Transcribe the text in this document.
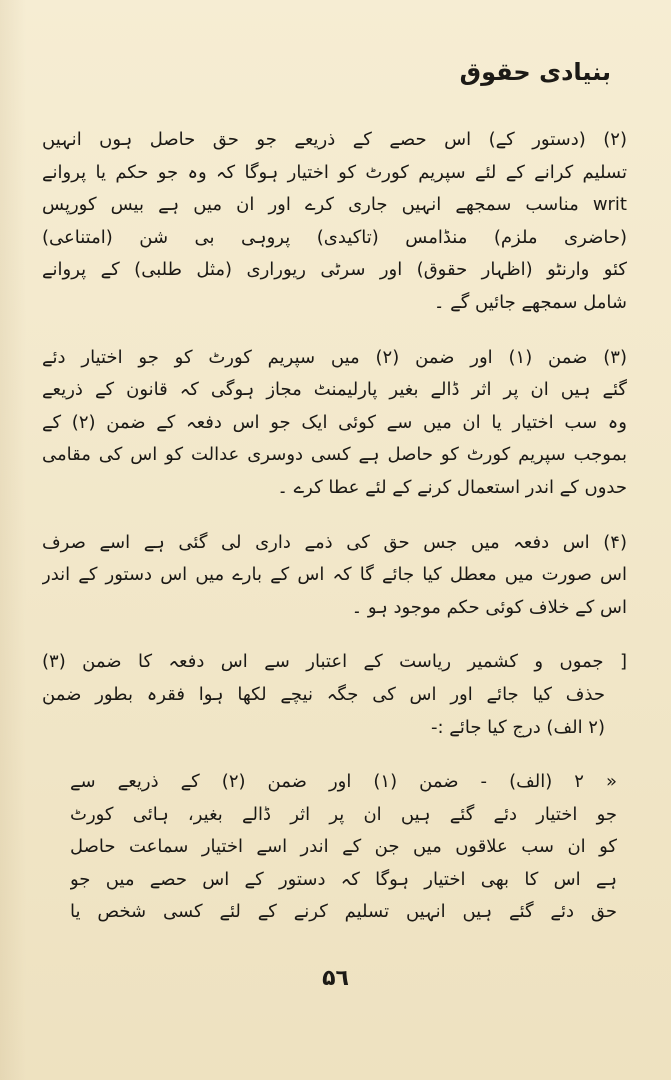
بنیادی حقوق
(۲) (دستور کے) اس حصے کے ذریعے جو حق حاصل ہوں انہیں
تسلیم کرانے کے لئے سپریم کورٹ کو اختیار ہوگا کہ وہ جو حکم یا پروانے
writ مناسب سمجھے انہیں جاری کرے اور ان میں ہے بیس کورپس
(حاضری ملزم) منڈامس (تاکیدی) پروہی بی شن (امتناعی)
کئو وارنٹو (اظہار حقوق) اور سرٹی ریوراری (مثل طلبی) کے پروانے
شامل سمجھے جائیں گے ۔
(۳) ضمن (۱) اور ضمن (۲) میں سپریم کورٹ کو جو اختیار دئے
گئے ہیں ان پر اثر ڈالے بغیر پارلیمنٹ مجاز ہوگی کہ قانون کے ذریعے
وہ سب اختیار یا ان میں سے کوئی ایک جو اس دفعہ کے ضمن (۲) کے
بموجب سپریم کورٹ کو حاصل ہے کسی دوسری عدالت کو اس کی مقامی
حدوں کے اندر استعمال کرنے کے لئے عطا کرے ۔
(۴) اس دفعہ میں جس حق کی ذمے داری لی گئی ہے اسے صرف
اس صورت میں معطل کیا جائے گا کہ اس کے بارے میں اس دستور کے اندر
اس کے خلاف کوئی حکم موجود ہو ۔
[ جموں و کشمیر ریاست کے اعتبار سے اس دفعہ کا ضمن (۳)
حذف کیا جائے اور اس کی جگہ نیچے لکھا ہوا فقرہ بطور ضمن
(۲ الف) درج کیا جائے :-
« ۲ (الف) - ضمن (۱) اور ضمن (۲) کے ذریعے سے
جو اختیار دئے گئے ہیں ان پر اثر ڈالے بغیر، ہائی کورٹ
کو ان سب علاقوں میں جن کے اندر اسے اختیار سماعت حاصل
ہے اس کا بھی اختیار ہوگا کہ دستور کے اس حصے میں جو
حق دئے گئے ہیں انہیں تسلیم کرنے کے لئے کسی شخص یا
۵٦
